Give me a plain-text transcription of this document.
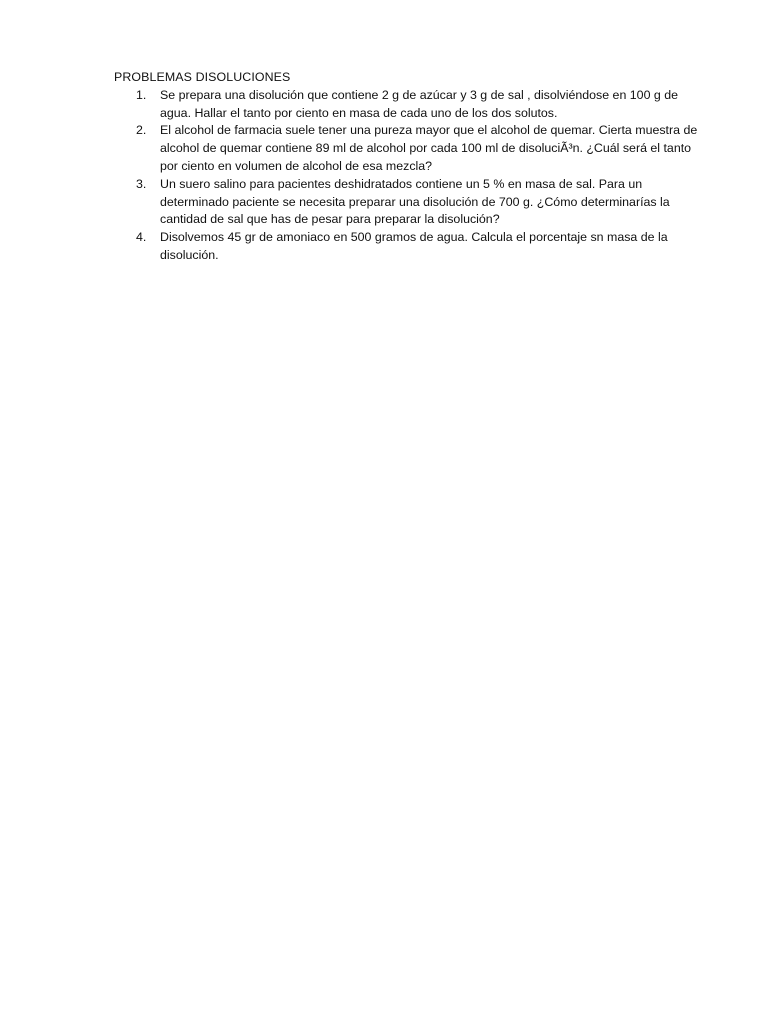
PROBLEMAS DISOLUCIONES
1.	Se prepara una disolución que contiene 2 g de azúcar y 3 g de sal , disolviéndose en 100 g de agua. Hallar el tanto por ciento en masa de cada uno de los dos solutos.
2.	El alcohol de farmacia suele tener una pureza mayor que el alcohol de quemar. Cierta muestra de alcohol de quemar contiene 89 ml de alcohol por cada 100 ml de disoluciÃ³n. ¿Cuál será el tanto por ciento en volumen de alcohol de esa mezcla?
3.	Un suero salino para pacientes deshidratados contiene un 5 % en masa de sal. Para un determinado paciente se necesita preparar una disolución de 700 g. ¿Cómo determinarías la cantidad de sal que has de pesar para preparar la disolución?
4.	Disolvemos 45 gr de amoniaco en 500 gramos de agua. Calcula el porcentaje sn masa de la disolución.
